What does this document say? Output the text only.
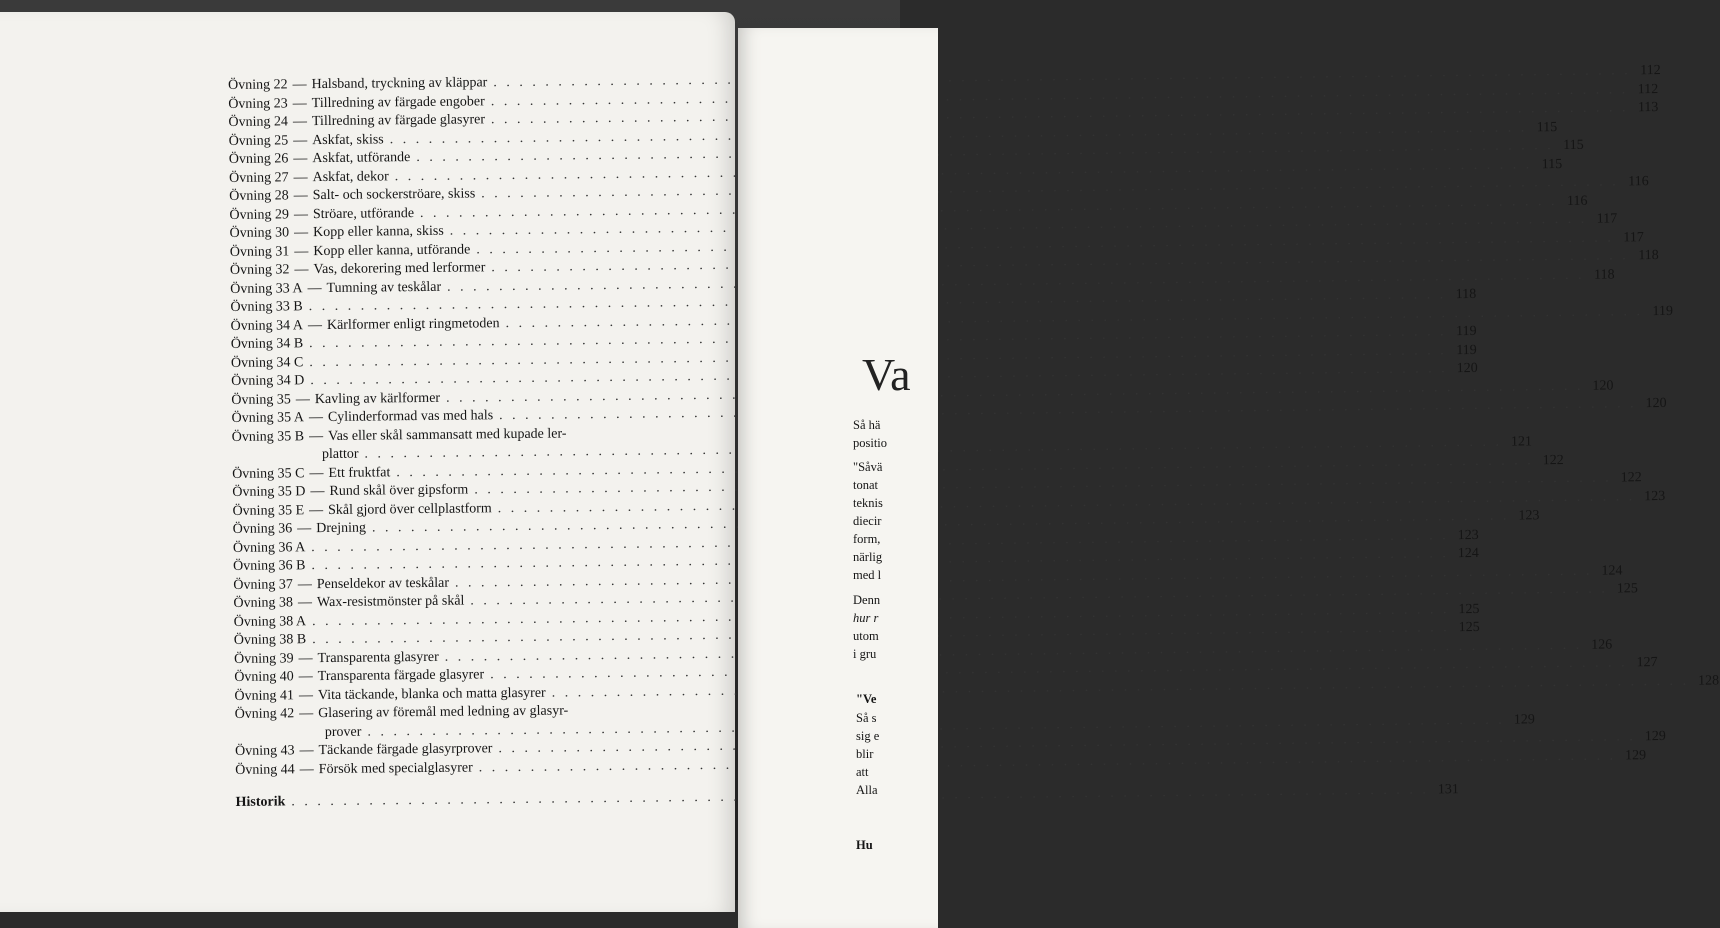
Övning 22 — Halsband, tryckning av kläppar
. . .
112
Övning 23 — Tillredning av färgade engober
. . .
112
Övning 24 — Tillredning av färgade glasyrer
. . .
113
Övning 25 — Askfat, skiss
. . .
115
Övning 26 — Askfat, utförande
. . .
115
Övning 27 — Askfat, dekor
. . .
115
Övning 28 — Salt- och sockerströare, skiss
. . .
116
Övning 29 — Ströare, utförande
. . .
116
Övning 30 — Kopp eller kanna, skiss
. . .
117
Övning 31 — Kopp eller kanna, utförande
. . .
117
Övning 32 — Vas, dekorering med lerformer
. . .
118
Övning 33 A — Tumning av teskålar
. . .
118
Övning 33 B
. . .
118
Övning 34 A — Kärlformer enligt ringmetoden
. . .
119
Övning 34 B
. . .
119
Övning 34 C
. . .
119
Övning 34 D
. . .
120
Övning 35 — Kavling av kärlformer
. . .
120
Övning 35 A — Cylinderformad vas med hals
. . .
120
Övning 35 B — Vas eller skål sammansatt med kupade ler-
plattor
. . .
121
Övning 35 C — Ett fruktfat
. . .
122
Övning 35 D — Rund skål över gipsform
. . .
122
Övning 35 E — Skål gjord över cellplastform
. . .
123
Övning 36 — Drejning
. . .
123
Övning 36 A
. . .
123
Övning 36 B
. . .
124
Övning 37 — Penseldekor av teskålar
. . .
124
Övning 38 — Wax-resistmönster på skål
. . .
125
Övning 38 A
. . .
125
Övning 38 B
. . .
125
Övning 39 — Transparenta glasyrer
. . .
126
Övning 40 — Transparenta färgade glasyrer
. . .
127
Övning 41 — Vita täckande, blanka och matta glasyrer
. . .
128
Övning 42 — Glasering av föremål med ledning av glasyr-
prover
. . .
129
Övning 43 — Täckande färgade glasyrprover
. . .
129
Övning 44 — Försök med specialglasyrer
. . .
129
Historik
. . .
131
Va
Så hä
positio
"Såvä
tonat
teknis
diecir
form,
närlig
med l
Denn
hur r
utom
i gru
"Ve
Så s
sig e
blir
att
Alla
Hu
